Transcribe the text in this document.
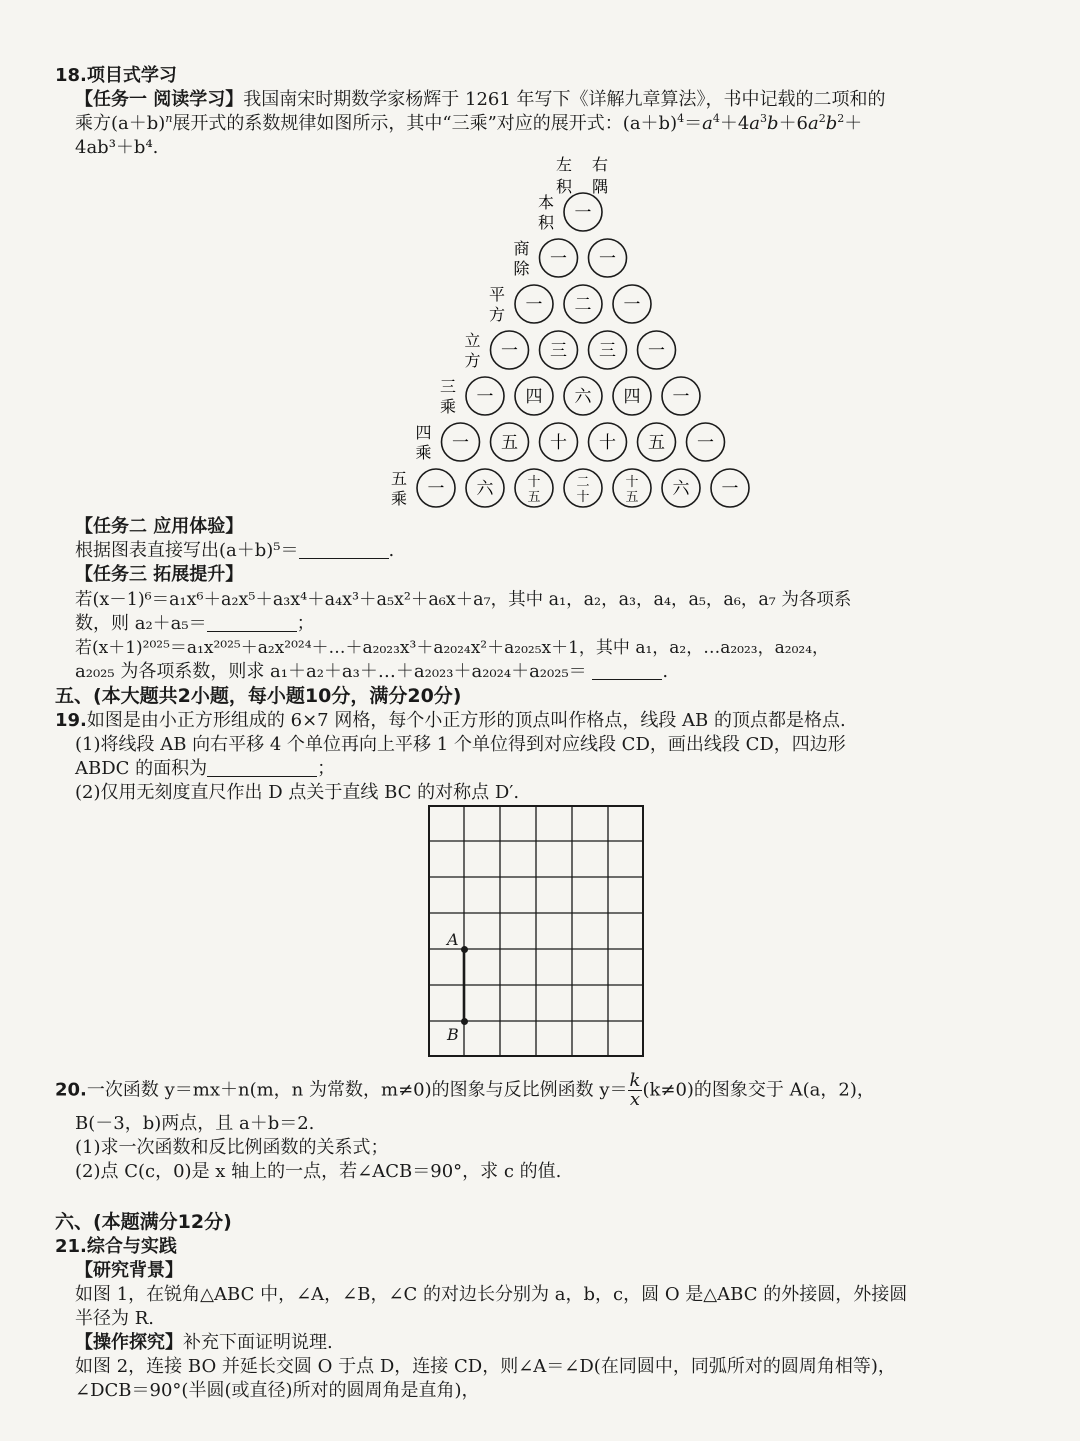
18.项目式学习
【任务一 阅读学习】我国南宋时期数学家杨辉于 1261 年写下《详解九章算法》，书中记载的二项和的
乘方$(a+b)^n$展开式的系数规律如图所示，其中“三乘”对应的展开式：$(a+b)^4=a^4+4a^3b+6a^2b^2+$
4ab³＋b⁴.
左
积
右
隅
本
积 一
商
除 一 一
平
方 一 二 一
立
方 一 三 三 一
三
乘 一 四 六 四 一
四
乘 一 五 十 十 五 一
五
乘 一 六	十
五
二
十
十
五 六 一
【任务二 应用体验】
根据图表直接写出(a＋b)⁵＝	.
【任务三 拓展提升】
若(x－1)⁶＝a₁x⁶＋a₂x⁵＋a₃x⁴＋a₄x³＋a₅x²＋a₆x＋a₇，其中 a₁，a₂，a₃，a₄，a₅，a₆，a₇ 为各项系
数，则 a₂＋a₅＝	；
若(x＋1)²⁰²⁵＝a₁x²⁰²⁵＋a₂x²⁰²⁴＋…＋a₂₀₂₃x³＋a₂₀₂₄x²＋a₂₀₂₅x＋1，其中 a₁，a₂，…a₂₀₂₃，a₂₀₂₄，
a₂₀₂₅ 为各项系数，则求 a₁＋a₂＋a₃＋…＋a₂₀₂₃＋a₂₀₂₄＋a₂₀₂₅＝	.
五、(本大题共2小题，每小题10分，满分20分)
19.如图是由小正方形组成的 6×7 网格，每个小正方形的顶点叫作格点，线段 AB 的顶点都是格点.
(1)将线段 AB 向右平移 4 个单位再向上平移 1 个单位得到对应线段 CD，画出线段 CD，四边形
ABDC 的面积为	；
(2)仅用无刻度直尺作出 D 点关于直线 BC 的对称点 D′.
A
B
20.一次函数 y＝mx＋n(m，n 为常数，m≠0)的图象与反比例函数 $y= \frac{k}{x} (k\ne 0)$的图象交于 A(a，2)，
B(－3，b)两点，且 a＋b＝2.
(1)求一次函数和反比例函数的关系式；
(2)点 C(c，0)是 x 轴上的一点，若∠ACB＝90°，求 c 的值.
六、(本题满分12分)
21.综合与实践
【研究背景】
如图 1，在锐角△ABC 中，∠A，∠B，∠C 的对边长分别为 a，b，c，圆 O 是△ABC 的外接圆，外接圆
半径为 R.
【操作探究】补充下面证明说理.
如图 2，连接 BO 并延长交圆 O 于点 D，连接 CD，则∠A＝∠D(在同圆中，同弧所对的圆周角相等)，
∠DCB＝90°(半圆(或直径)所对的圆周角是直角)，
